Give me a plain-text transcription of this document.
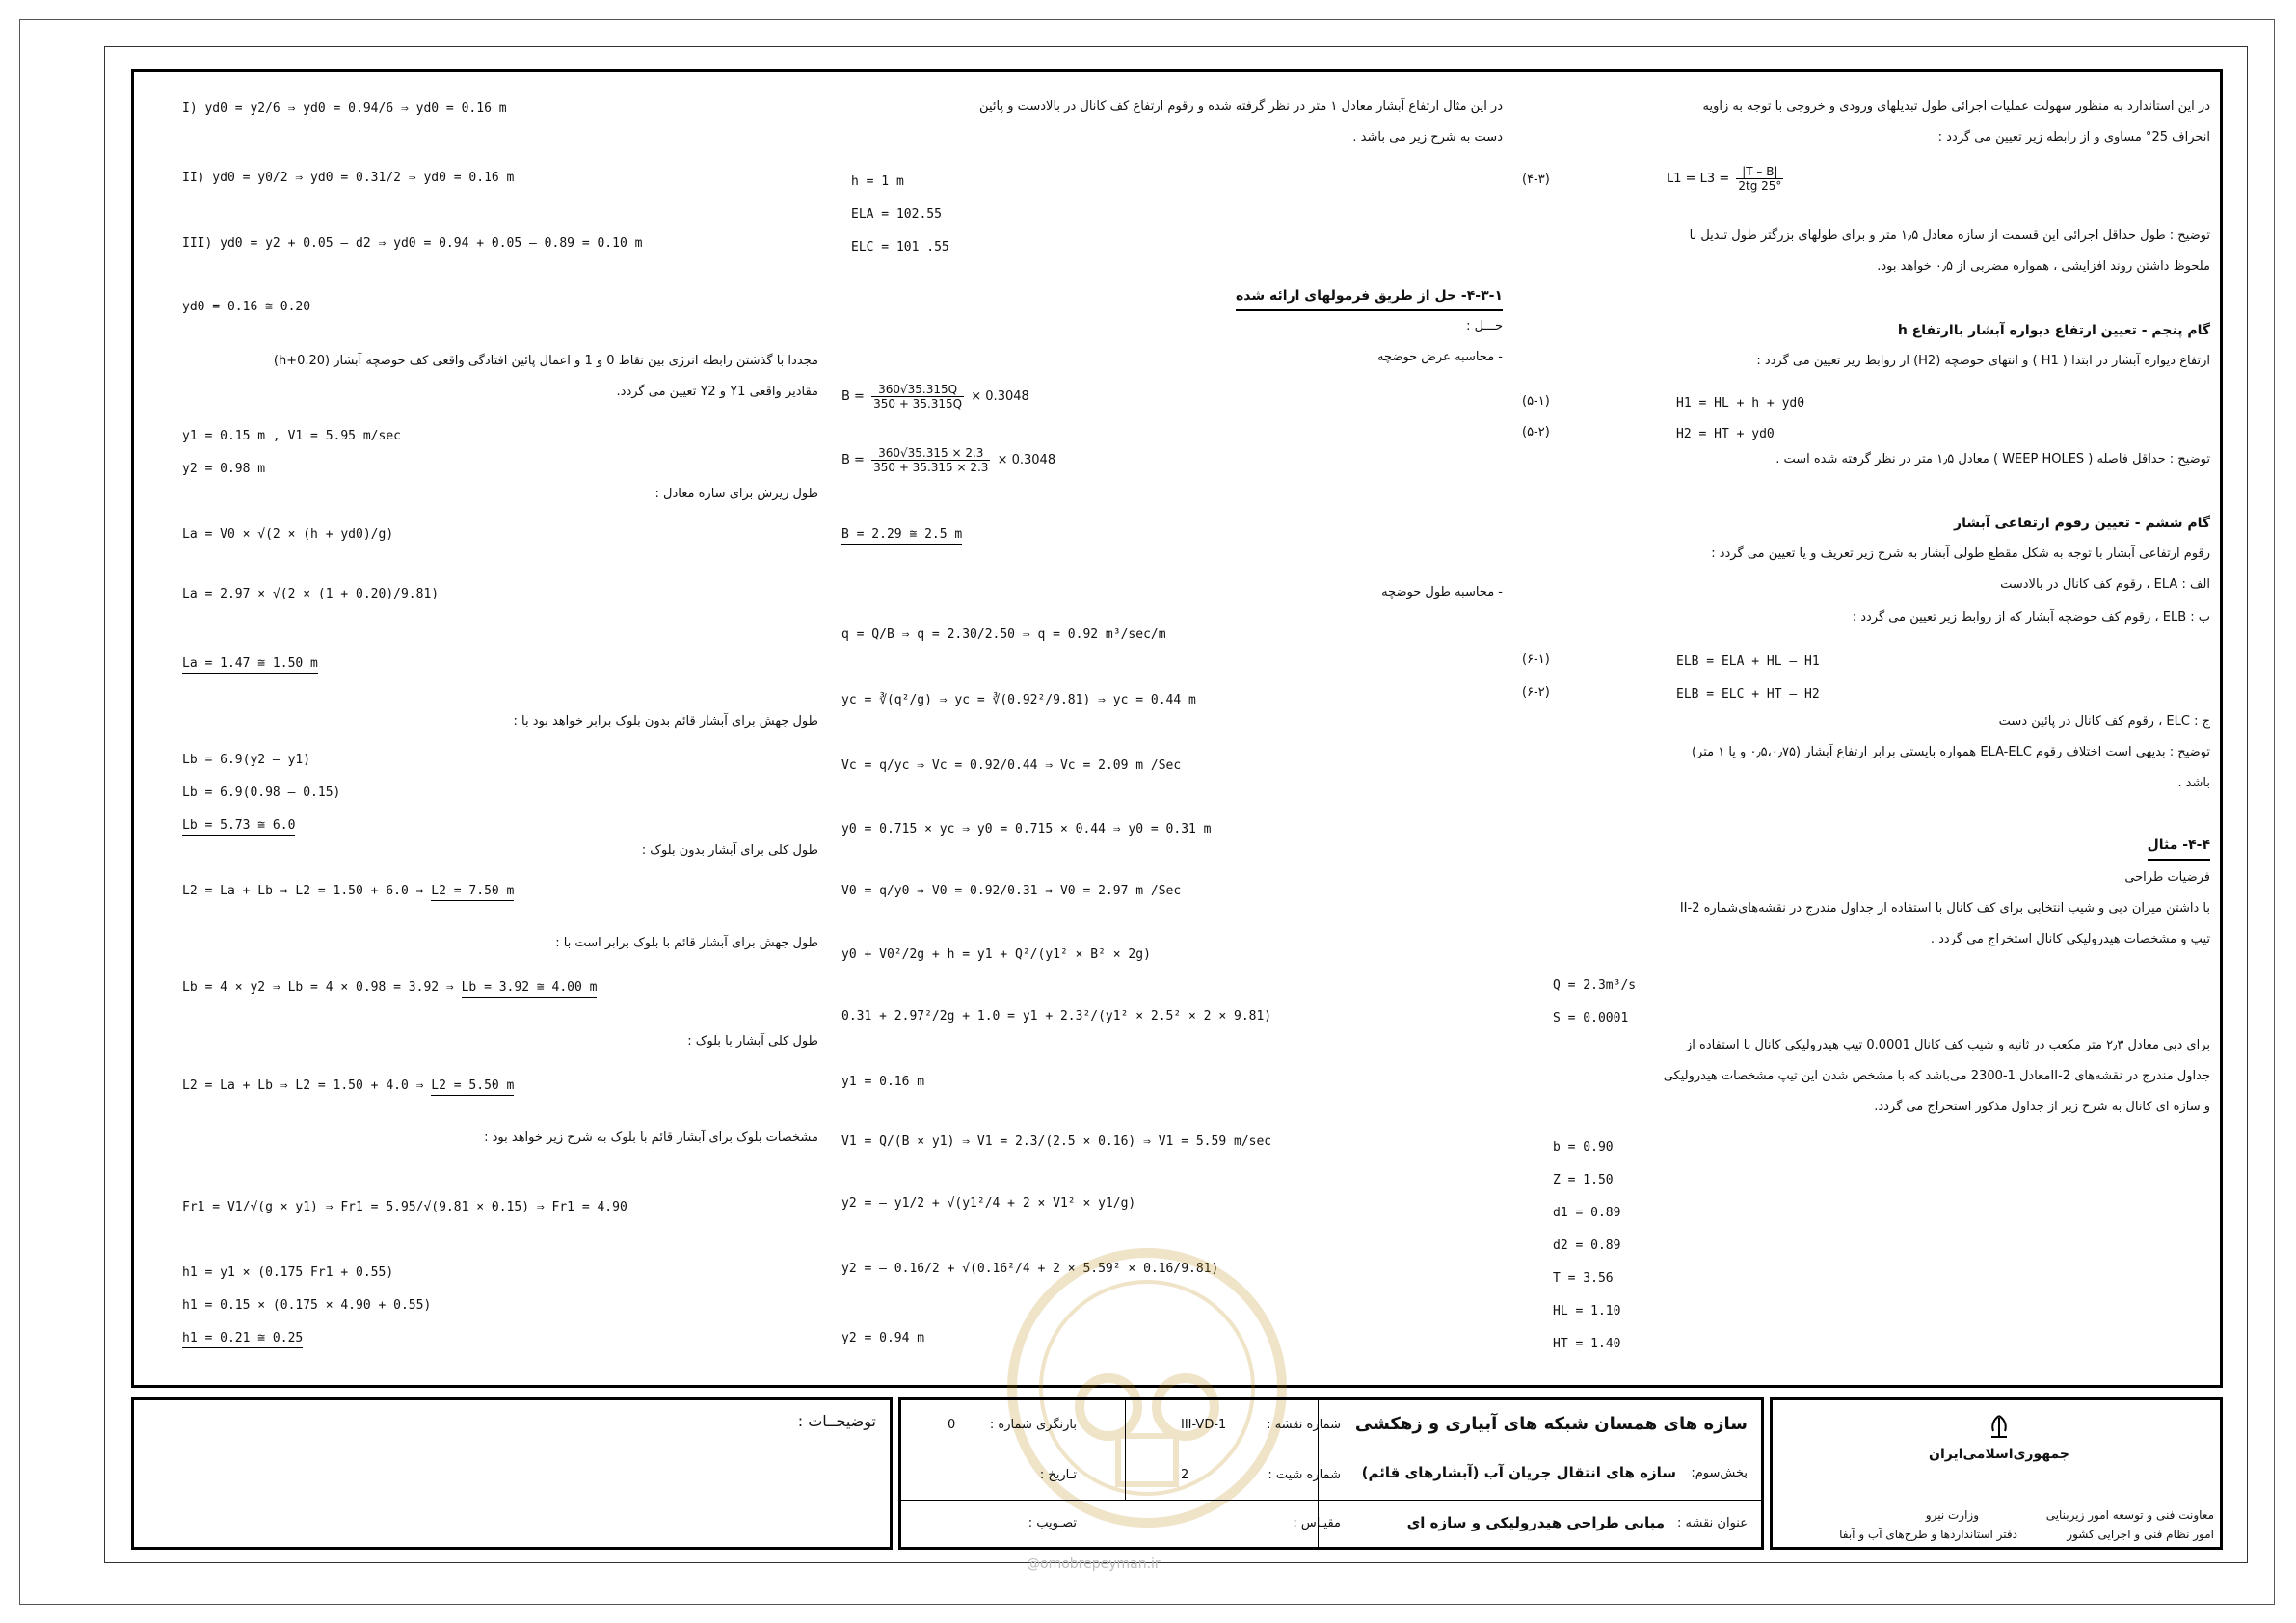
در این استاندارد به منظور سهولت عملیات اجرائی طول تبدیلهای ورودی و خروجی با توجه به زاویه
انحراف 25° مساوی و از رابطه زیر تعیین می گردد :
$L1 = L3 = \frac{|T - B|}{2tg 25^\circ}$
(۴-۳)
توضیح : طول حداقل اجرائی این قسمت از سازه معادل ۱٫۵ متر و برای طولهای بزرگتر طول تبدیل با
ملحوظ داشتن روند افزایشی ، همواره مضربی از ۰٫۵ خواهد بود.
گام پنجم - تعیین ارتفاع دیواره آبشار باارتفاع h
ارتفاع دیواره آبشار در ابتدا ( H1 ) و انتهای حوضچه (H2) از روابط زیر تعیین می گردد :
H1 = HL + h + yd0
(۵-۱)
H2 = HT + yd0
(۵-۲)
توضیح : حداقل فاصله ( WEEP HOLES ) معادل ۱٫۵ متر در نظر گرفته شده است .
گام ششم - تعیین رقوم ارتفاعی آبشار
رقوم ارتفاعی آبشار با توجه به شکل مقطع طولی آبشار به شرح زیر تعریف و یا تعیین می گردد :
الف : ELA ، رقوم کف کانال در بالادست
ب : ELB ، رقوم کف حوضچه آبشار که از روابط زیر تعیین می گردد :
ELB = ELA + HL – H1
(۶-۱)
ELB = ELC + HT – H2
(۶-۲)
ج : ELC ، رقوم کف کانال در پائین دست
توضیح : بدیهی است اختلاف رقوم ELA-ELC همواره بایستی برابر ارتفاع آبشار (۰٫۵،۰٫۷۵ و یا ۱ متر)
باشد .
۴-۴- مثال
فرضیات طراحی
با داشتن میزان دبی و شیب انتخابی برای کف کانال با استفاده از جداول مندرج در نقشه‌های‌شماره II-2
تیپ و مشخصات هیدرولیکی کانال استخراج می گردد .
Q = 2.3m³/s
S = 0.0001
برای دبی معادل ۲٫۳ متر مکعب در ثانیه و شیب کف کانال 0.0001 تیپ هیدرولیکی کانال با استفاده از
جداول مندرج در نقشه‌های II-2معادل 1-2300 می‌باشد که با مشخص شدن این تیپ مشخصات هیدرولیکی
و سازه ای کانال به شرح زیر از جداول مذکور استخراج می گردد.
b = 0.90
Z = 1.50
d1 = 0.89
d2 = 0.89
T = 3.56
HL = 1.10
HT = 1.40
در این مثال ارتفاع آبشار معادل ۱ متر در نظر گرفته شده و رقوم ارتفاع کف کانال در بالادست و پائین
دست به شرح زیر می باشد .
h = 1 m
ELA = 102.55
ELC = 101 .55
۴-۳-۱- حل از طریق فرمولهای ارائه شده
حـــل :
- محاسبه عرض حوضچه
$B = \frac{360√35.315Q}{350 + 35.315Q} \times 0.3048$
$B = \frac{360√35.315 \times 2.3}{350 + 35.315 \times 2.3} \times 0.3048$
B = 2.29 ≅ 2.5 m
- محاسبه طول حوضچه
q = Q/B ⇒ q = 2.30/2.50 ⇒ q = 0.92 m³/sec/m
yc = ∛(q²/g) ⇒ yc = ∛(0.92²/9.81) ⇒ yc = 0.44 m
Vc = q/yc ⇒ Vc = 0.92/0.44 ⇒ Vc = 2.09 m /Sec
y0 = 0.715 × yc ⇒ y0 = 0.715 × 0.44 ⇒ y0 = 0.31 m
V0 = q/y0 ⇒ V0 = 0.92/0.31 ⇒ V0 = 2.97 m /Sec
y0 + V0²/2g + h = y1 + Q²/(y1² × B² × 2g)
0.31 + 2.97²/2g + 1.0 = y1 + 2.3²/(y1² × 2.5² × 2 × 9.81)
y1 = 0.16 m
V1 = Q/(B × y1) ⇒ V1 = 2.3/(2.5 × 0.16) ⇒ V1 = 5.59 m/sec
y2 = – y1/2 + √(y1²/4 + 2 × V1² × y1/g)
y2 = – 0.16/2 + √(0.16²/4 + 2 × 5.59² × 0.16/9.81)
y2 = 0.94 m
I) yd0 = y2/6 ⇒ yd0 = 0.94/6 ⇒ yd0 = 0.16 m
II) yd0 = y0/2 ⇒ yd0 = 0.31/2 ⇒ yd0 = 0.16 m
III) yd0 = y2 + 0.05 – d2 ⇒ yd0 = 0.94 + 0.05 – 0.89 = 0.10 m
yd0 = 0.16 ≅ 0.20
مجددا با گذشتن رابطه انرژی بین نقاط 0 و 1 و اعمال پائین افتادگی واقعی کف حوضچه آبشار (h+0.20)
مقادیر واقعی Y1 و Y2 تعیین می گردد.
y1 = 0.15 m , V1 = 5.95 m/sec
y2 = 0.98 m
طول ریزش برای سازه معادل :
La = V0 × √(2 × (h + yd0)/g)
La = 2.97 × √(2 × (1 + 0.20)/9.81)
La = 1.47 ≅ 1.50 m
طول جهش برای آبشار قائم بدون بلوک برابر خواهد بود با :
Lb = 6.9(y2 – y1)
Lb = 6.9(0.98 – 0.15)
Lb = 5.73 ≅ 6.0
طول کلی برای آبشار بدون بلوک :
L2 = La + Lb ⇒ L2 = 1.50 + 6.0 ⇒ L2 = 7.50 m
طول جهش برای آبشار قائم با بلوک برابر است با :
Lb = 4 × y2 ⇒ Lb = 4 × 0.98 = 3.92 ⇒ Lb = 3.92 ≅ 4.00 m
طول کلی آبشار با بلوک :
L2 = La + Lb ⇒ L2 = 1.50 + 4.0 ⇒ L2 = 5.50 m
مشخصات بلوک برای آبشار قائم با بلوک به شرح زیر خواهد بود :
Fr1 = V1/√(g × y1) ⇒ Fr1 = 5.95/√(9.81 × 0.15) ⇒ Fr1 = 4.90
h1 = y1 × (0.175 Fr1 + 0.55)
h1 = 0.15 × (0.175 × 4.90 + 0.55)
h1 = 0.21 ≅ 0.25
@omobrepeyman.ir
توضیحــات :	سازه های همسان شبکه های آبیاری و زهکشی
شماره نقشه :
III-VD-1
بازنگری شماره :
0
بخش‌سوم:
سازه های انتقال جریان آب (آبشارهای قائم)
شماره شیت :
2
تـاریخ :
عنوان نقشه :
مبانی طراحی هیدرولیکی و سازه ای
مقیـاس :
تصـویب :
جمهوری‌اسلامی‌ایران
معاونت فنی و توسعه امور زیربنایی
امور نظام فنی و اجرایی کشور
وزارت نیرو
دفتر استانداردها و طرح‌های آب و آبفا
